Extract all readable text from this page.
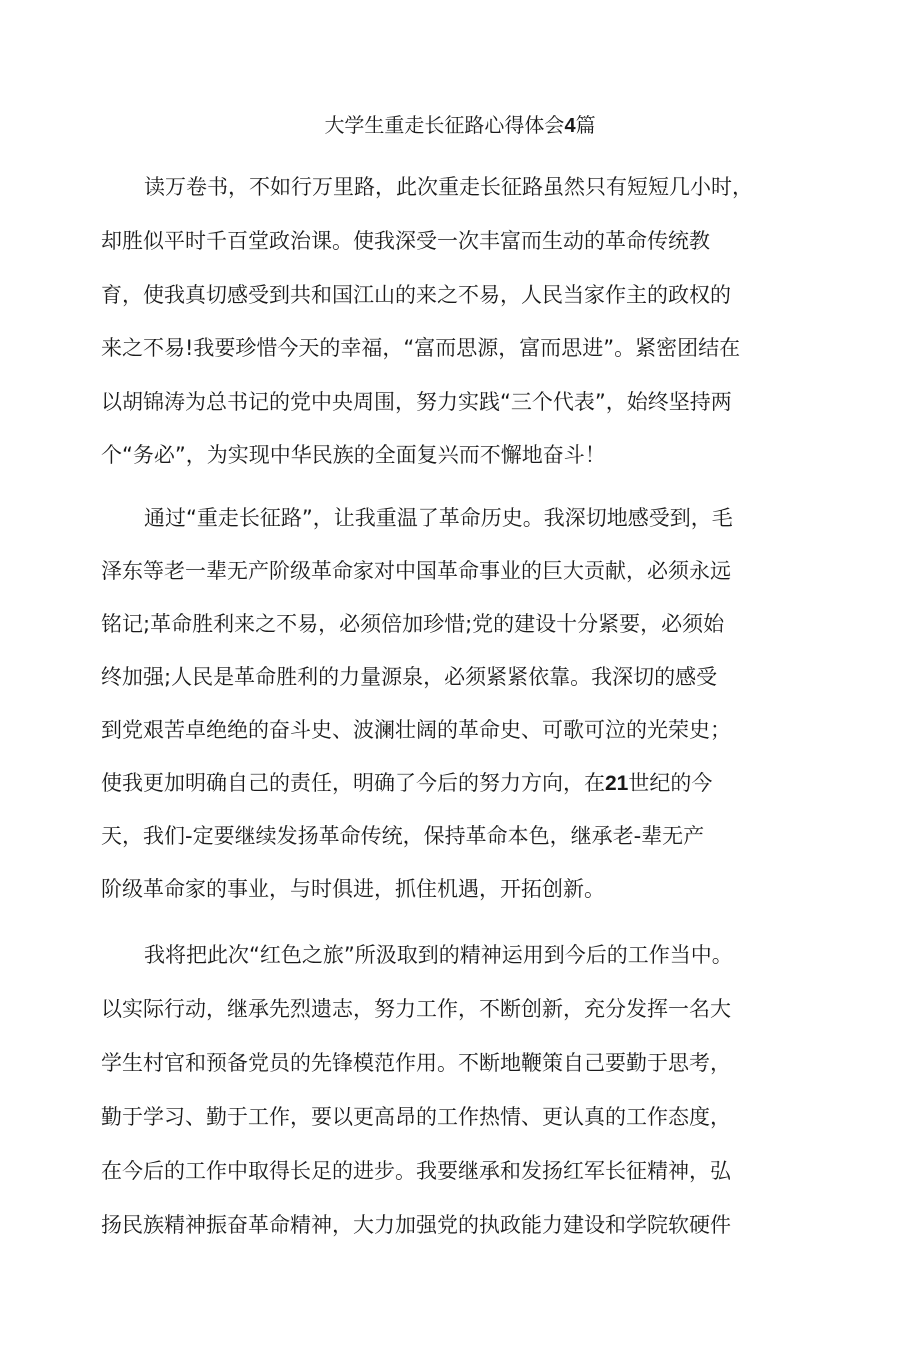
大学生重走长征路心得体会4篇
读万卷书，不如行万里路，此次重走长征路虽然只有短短几小时，
却胜似平时千百堂政治课。使我深受一次丰富而生动的革命传统教
育，使我真切感受到共和国江山的来之不易，人民当家作主的政权的
来之不易!我要珍惜今天的幸福，“富而思源，富而思进”。紧密团结在
以胡锦涛为总书记的党中央周围，努力实践“三个代表”，始终坚持两
个“务必”，为实现中华民族的全面复兴而不懈地奋斗！
通过“重走长征路”，让我重温了革命历史。我深切地感受到，毛
泽东等老一辈无产阶级革命家对中国革命事业的巨大贡献，必须永远
铭记;革命胜利来之不易，必须倍加珍惜;党的建设十分紧要，必须始
终加强;人民是革命胜利的力量源泉，必须紧紧依靠。我深切的感受
到党艰苦卓绝绝的奋斗史、波澜壮阔的革命史、可歌可泣的光荣史；
使我更加明确自己的责任，明确了今后的努力方向，在21世纪的今
天，我们-定要继续发扬革命传统，保持革命本色，继承老-辈无产
阶级革命家的事业，与时俱进，抓住机遇，开拓创新。
我将把此次“红色之旅”所汲取到的精神运用到今后的工作当中。
以实际行动，继承先烈遗志，努力工作，不断创新，充分发挥一名大
学生村官和预备党员的先锋模范作用。不断地鞭策自己要勤于思考，
勤于学习、勤于工作，要以更高昂的工作热情、更认真的工作态度，
在今后的工作中取得长足的进步。我要继承和发扬红军长征精神，弘
扬民族精神振奋革命精神，大力加强党的执政能力建设和学院软硬件
